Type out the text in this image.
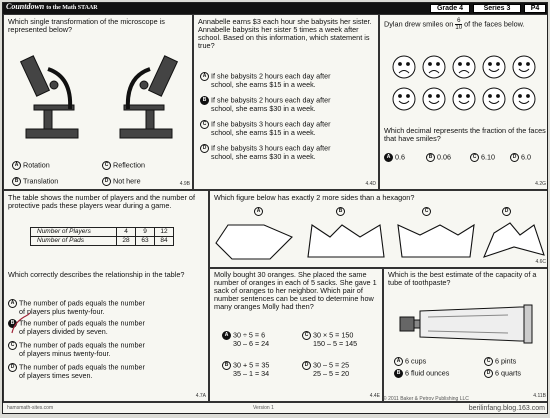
Countdown to the Math STAAR	Grade 4	Series 3	P4

Which single transformation of the microscope is represented below?

A Rotation
B Translation
C Reflection
D Not here	4.9B

Annabelle earns $3 each hour she babysits her sister. Annabelle babysits her sister 5 times a week after school. Based on this information, which statement is true?

A If she babysits 2 hours each day after
school, she earns $15 in a week.
B If she babysits 2 hours each day after
school, she earns $30 in a week.
C If she babysits 3 hours each day after
school, she earns $15 in a week.
D If she babysits 3 hours each day after
school, she earns $30 in a week.
4.4D
Dylan drew smiles on $\frac{6}{10}$ of the faces below.

Which decimal represents the fraction of the faces that have smiles?

A 0.6	B 0.06	C 6.10	D 6.0
4.2G

The table shows the number of players and the number of protective pads these players wear during a game.

Number of Players	4	9	12
Number of Pads	28	63	84

Which correctly describes the relationship in the table?

A The number of pads equals the number
of players plus twenty-four.
B The number of pads equals the number
of players divided by seven.
C The number of pads equals the number
of players minus twenty-four.
D The number of pads equals the number
of players times seven.
4.7A

Which figure below has exactly 2 more sides than a hexagon?

A	B	C	D
4.6C

Molly bought 30 oranges. She placed the same number of oranges in each of 5 sacks. She gave 1 sack of oranges to her neighbor. Which pair of number sentences can be used to determine how many oranges Molly had then?

A 30 ÷ 5 = 6
30 – 6 = 24
B 30 + 5 = 35
35 – 1 = 34
C 30 × 5 = 150
150 – 5 = 145
D 30 – 5 = 25
25 – 5 = 20
4.4E

Which is the best estimate of the capacity of a tube of toothpaste?

A 6 cups
B 6 fluid ounces
C 6 pints
D 6 quarts
4.11B
hamsmath-sites.com	Version 1
© 2011 Baker & Petrov Publishing LLC
berilinfang.blog.163.com
